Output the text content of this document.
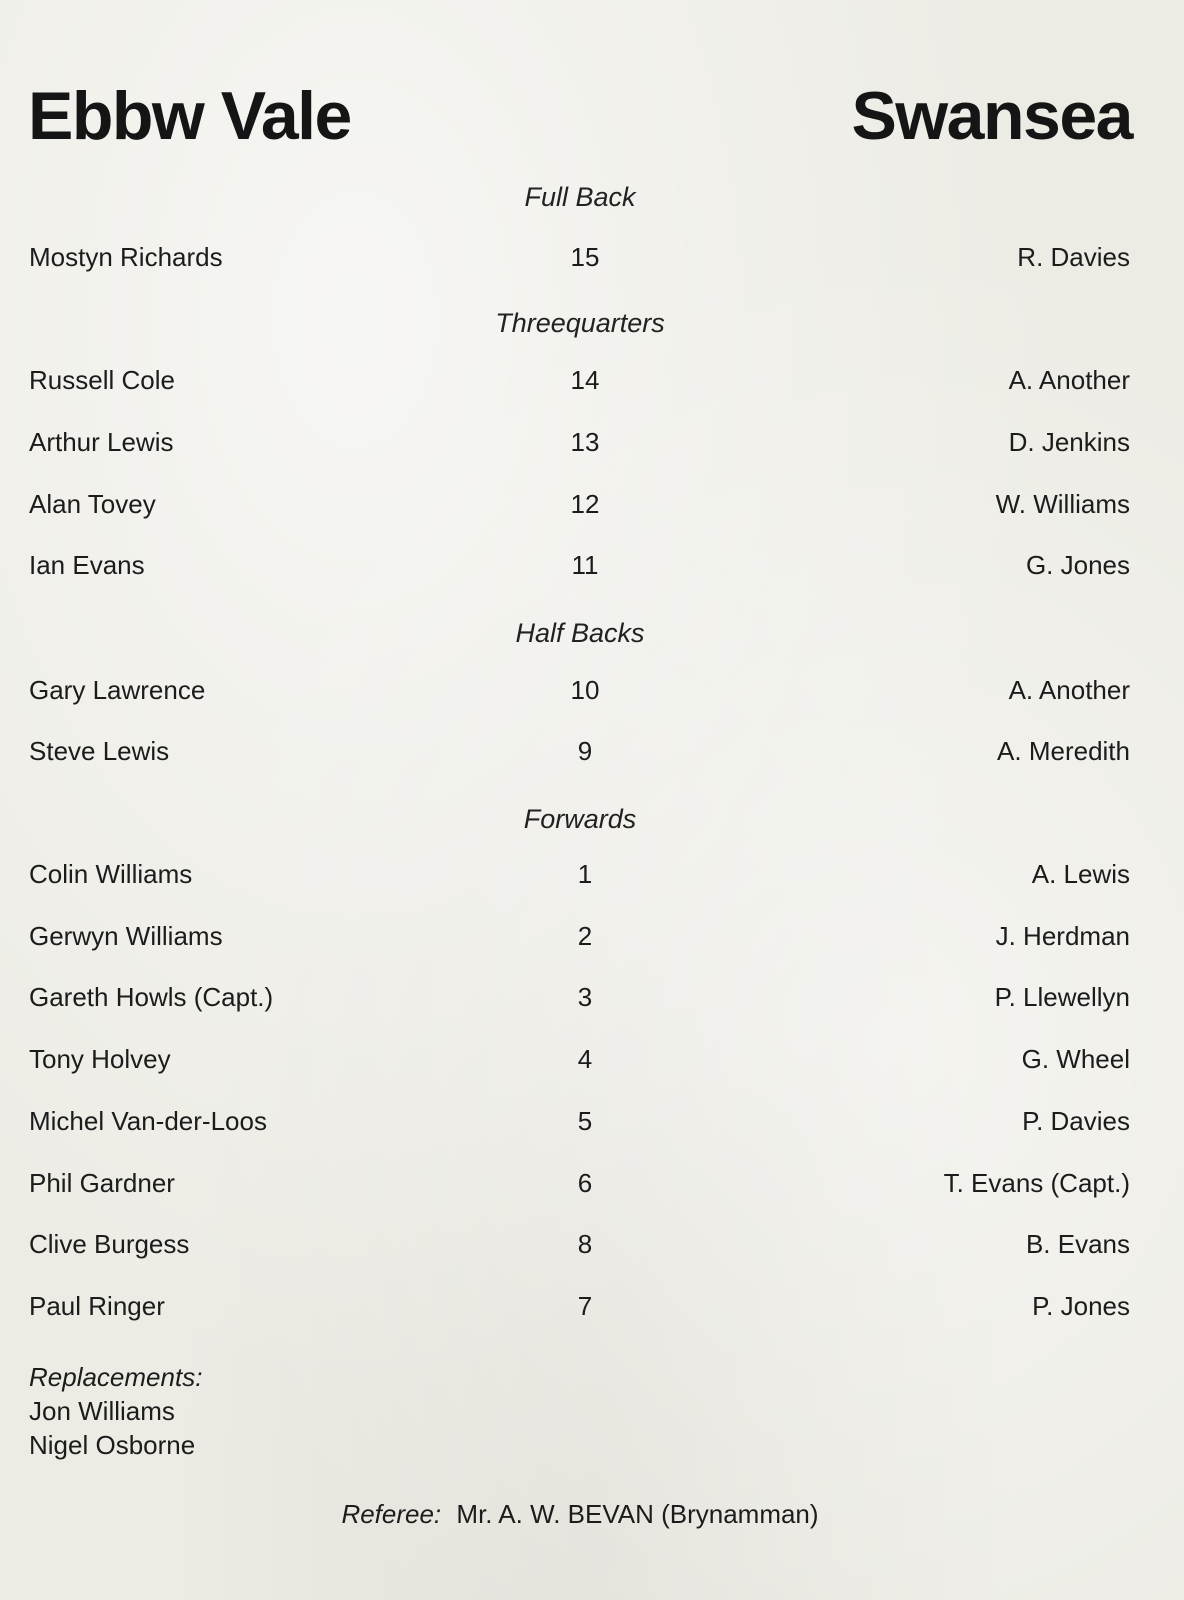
Ebbw Vale	Swansea
Full Back
Mostyn Richards	15	R. Davies
Threequarters
Russell Cole	14	A. Another
Arthur Lewis	13	D. Jenkins
Alan Tovey	12	W. Williams
Ian Evans	11	G. Jones
Half Backs
Gary Lawrence	10	A. Another
Steve Lewis	9	A. Meredith
Forwards
Colin Williams	1	A. Lewis
Gerwyn Williams	2	J. Herdman
Gareth Howls (Capt.)	3	P. Llewellyn
Tony Holvey	4	G. Wheel
Michel Van-der-Loos	5	P. Davies
Phil Gardner	6	T. Evans (Capt.)
Clive Burgess	8	B. Evans
Paul Ringer	7	P. Jones
Replacements:
Jon Williams
Nigel Osborne
Referee: Mr. A. W. BEVAN (Brynamman)
